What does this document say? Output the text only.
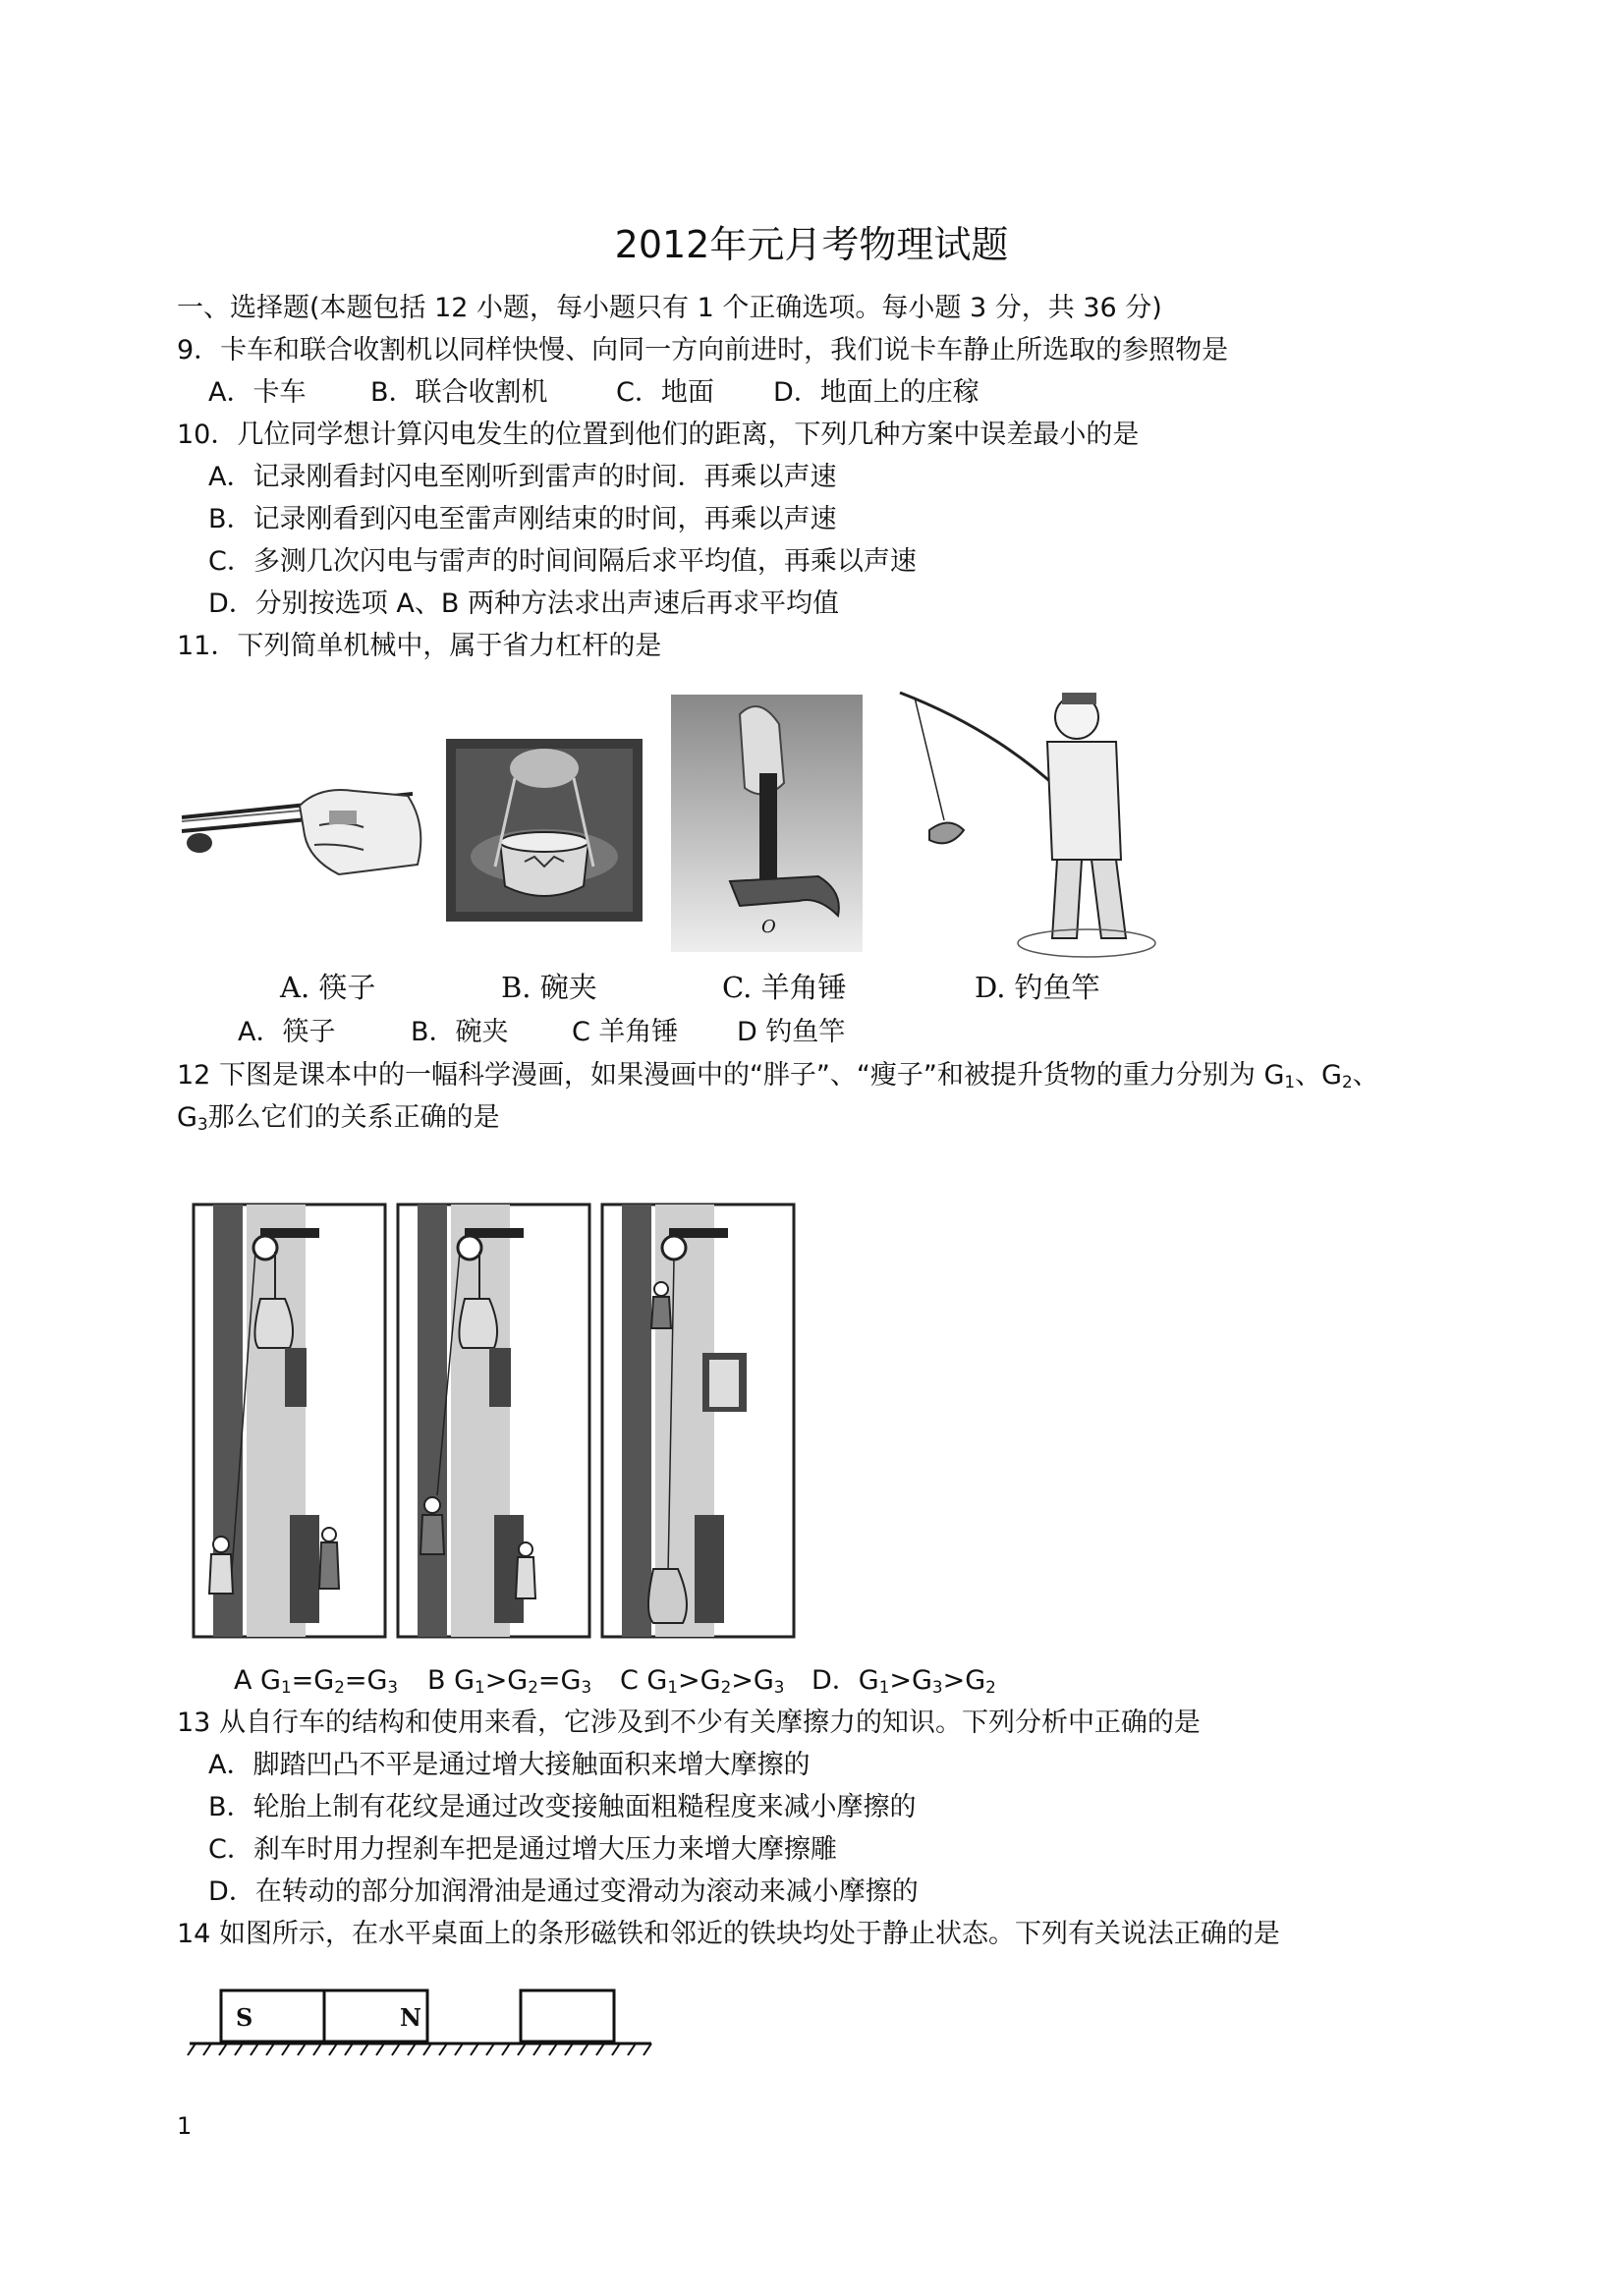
2012年元月考物理试题
一、选择题(本题包括 12 小题，每小题只有 1 个正确选项。每小题 3 分，共 36 分)
9．卡车和联合收割机以同样快慢、向同一方向前进时，我们说卡车静止所选取的参照物是
A．卡车 B．联合收割机	C．地面 D．地面上的庄稼
10．几位同学想计算闪电发生的位置到他们的距离，下列几种方案中误差最小的是
A．记录刚看封闪电至刚听到雷声的时间．再乘以声速
B．记录刚看到闪电至雷声刚结束的时间，再乘以声速
C．多测几次闪电与雷声的时间间隔后求平均值，再乘以声速
D．分别按选项 A、B 两种方法求出声速后再求平均值
11．下列简单机械中，属于省力杠杆的是
O
A. 筷子	B. 碗夹	C. 羊角锤	D. 钓鱼竿
A．筷子	B．碗夹 C 羊角锤 D 钓鱼竿
12 下图是课本中的一幅科学漫画，如果漫画中的“胖子”、“瘦子”和被提升货物的重力分别为 $G_1$、$G_2$、
$G_3$那么它们的关系正确的是
A $G_1=G_2=G_3$ B $G_1>G_2=G_3$ C $G_1>G_2>G_3$ D．$G_1>G_3>G_2$
13 从自行车的结构和使用来看，它涉及到不少有关摩擦力的知识。下列分析中正确的是
A．脚踏凹凸不平是通过增大接触面积来增大摩擦的
B．轮胎上制有花纹是通过改变接触面粗糙程度来减小摩擦的
C．刹车时用力捏刹车把是通过增大压力来增大摩擦雕
D．在转动的部分加润滑油是通过变滑动为滚动来减小摩擦的
14 如图所示，在水平桌面上的条形磁铁和邻近的铁块均处于静止状态。下列有关说法正确的是
S	N
1
